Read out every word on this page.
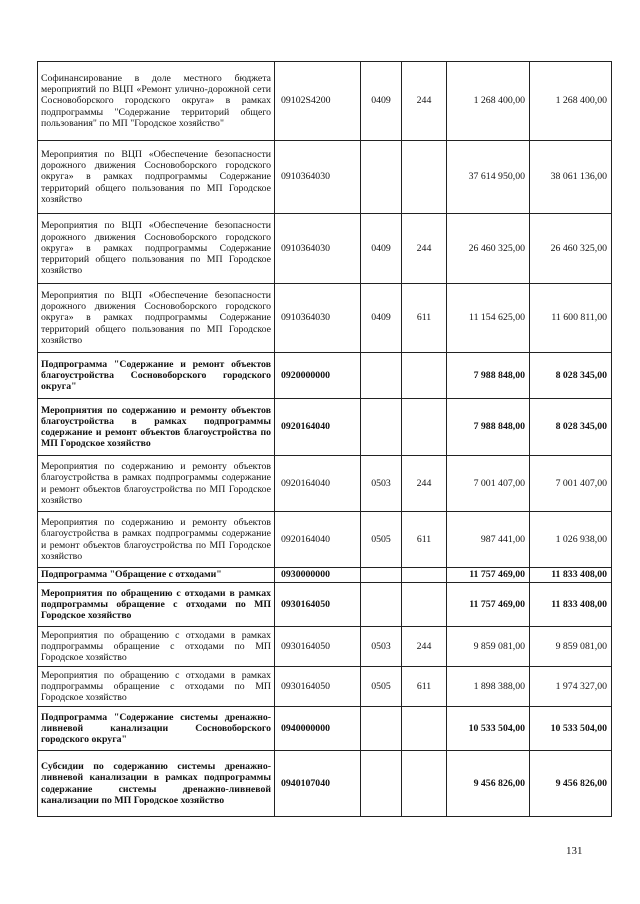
Софинансирование в доле местного бюджета мероприятий по ВЦП «Ремонт улично-дорожной сети Сосновоборского городского округа» в рамках подпрограммы "Содержание территорий общего пользования" по МП "Городское хозяйство"	09102S4200	0409	244	1 268 400,00	1 268 400,00
Мероприятия по ВЦП «Обеспечение безопасности дорожного движения Сосновоборского городского округа» в рамках подпрограммы Содержание территорий общего пользования по МП Городское хозяйство	0910364030			37 614 950,00	38 061 136,00
Мероприятия по ВЦП «Обеспечение безопасности дорожного движения Сосновоборского городского округа» в рамках подпрограммы Содержание территорий общего пользования по МП Городское хозяйство	0910364030	0409	244	26 460 325,00	26 460 325,00
Мероприятия по ВЦП «Обеспечение безопасности дорожного движения Сосновоборского городского округа» в рамках подпрограммы Содержание территорий общего пользования по МП Городское хозяйство	0910364030	0409	611	11 154 625,00	11 600 811,00
Подпрограмма "Содержание и ремонт объектов благоустройства Сосновоборского городского округа"	0920000000			7 988 848,00	8 028 345,00
Мероприятия по содержанию и ремонту объектов благоустройства в рамках подпрограммы содержание и ремонт объектов благоустройства по МП Городское хозяйство	0920164040			7 988 848,00	8 028 345,00
Мероприятия по содержанию и ремонту объектов благоустройства в рамках подпрограммы содержание и ремонт объектов благоустройства по МП Городское хозяйство	0920164040	0503	244	7 001 407,00	7 001 407,00
Мероприятия по содержанию и ремонту объектов благоустройства в рамках подпрограммы содержание и ремонт объектов благоустройства по МП Городское хозяйство	0920164040	0505	611	987 441,00	1 026 938,00
Подпрограмма "Обращение с отходами"	0930000000			11 757 469,00	11 833 408,00
Мероприятия по обращению с отходами в рамках подпрограммы обращение с отходами по МП Городское хозяйство	0930164050			11 757 469,00	11 833 408,00
Мероприятия по обращению с отходами в рамках подпрограммы обращение с отходами по МП Городское хозяйство	0930164050	0503	244	9 859 081,00	9 859 081,00
Мероприятия по обращению с отходами в рамках подпрограммы обращение с отходами по МП Городское хозяйство	0930164050	0505	611	1 898 388,00	1 974 327,00
Подпрограмма "Содержание системы дренажно-ливневой канализации Сосновоборского городского округа"	0940000000			10 533 504,00	10 533 504,00
Субсидии по содержанию системы дренажно-ливневой канализации в рамках подпрограммы содержание системы дренажно-ливневой канализации по МП Городское хозяйство	0940107040			9 456 826,00	9 456 826,00
131
